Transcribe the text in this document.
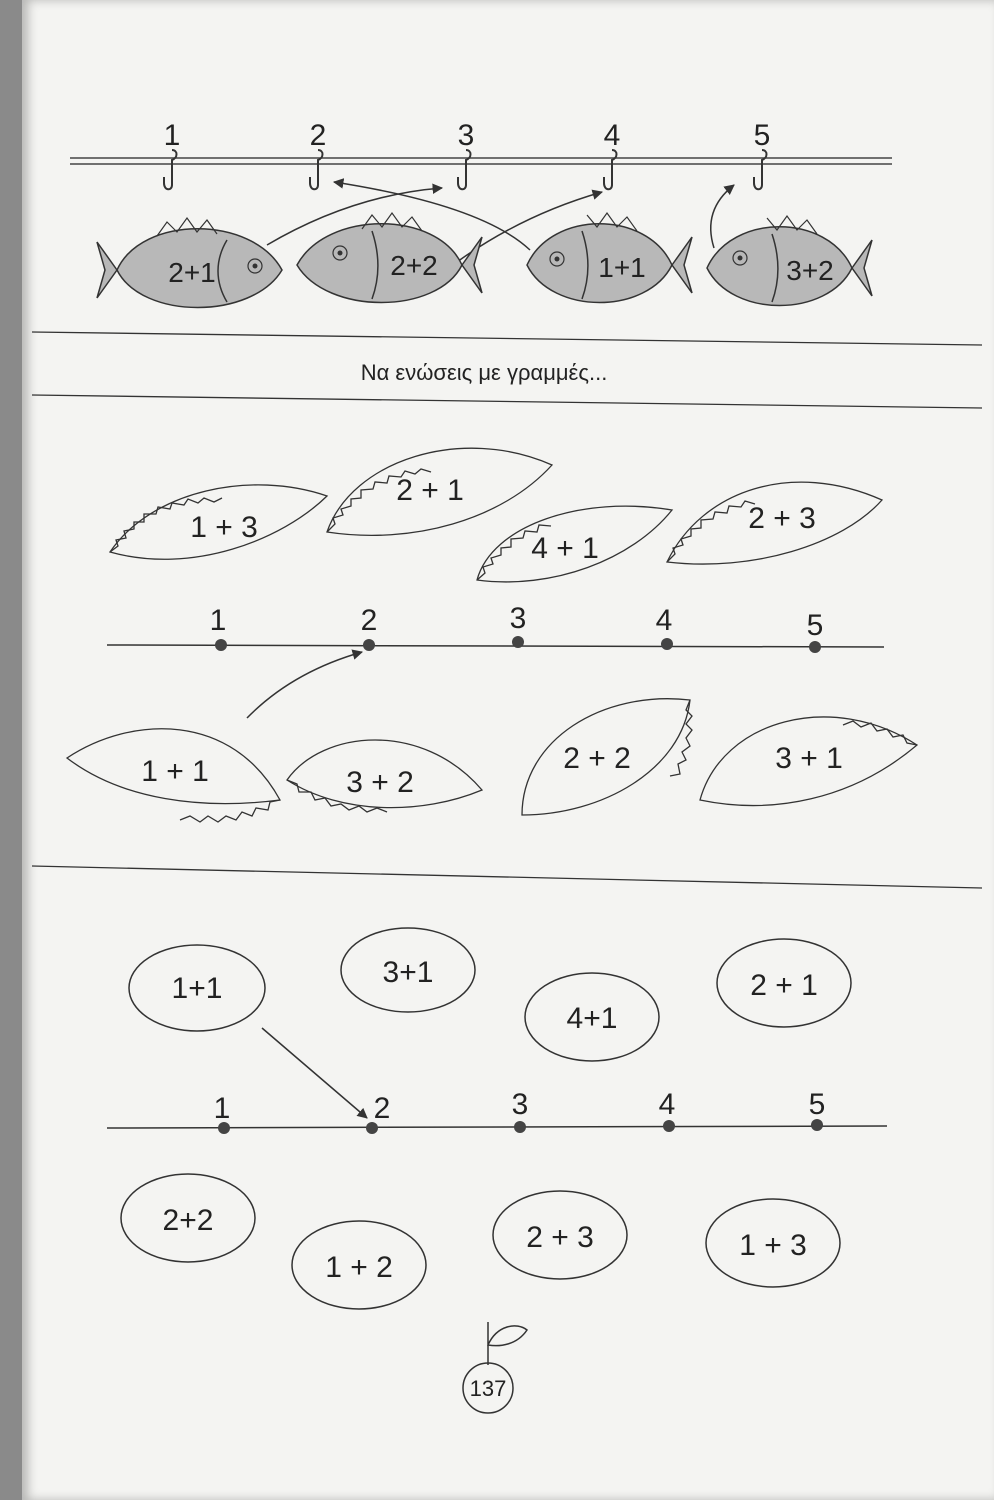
1	2	3	4	5
2+1	2+2	1+1	3+2
Να ενώσεις με γραμμές...
1 + 3
2 + 1
4 + 1
2 + 3
1	2	3	4	5
1 + 1	3 + 2
2 + 2	3 + 1
1+1	3+1
4+1
2 + 1
1	2	3	4	5
2+2
1 + 2
2 + 3	1 + 3
137
